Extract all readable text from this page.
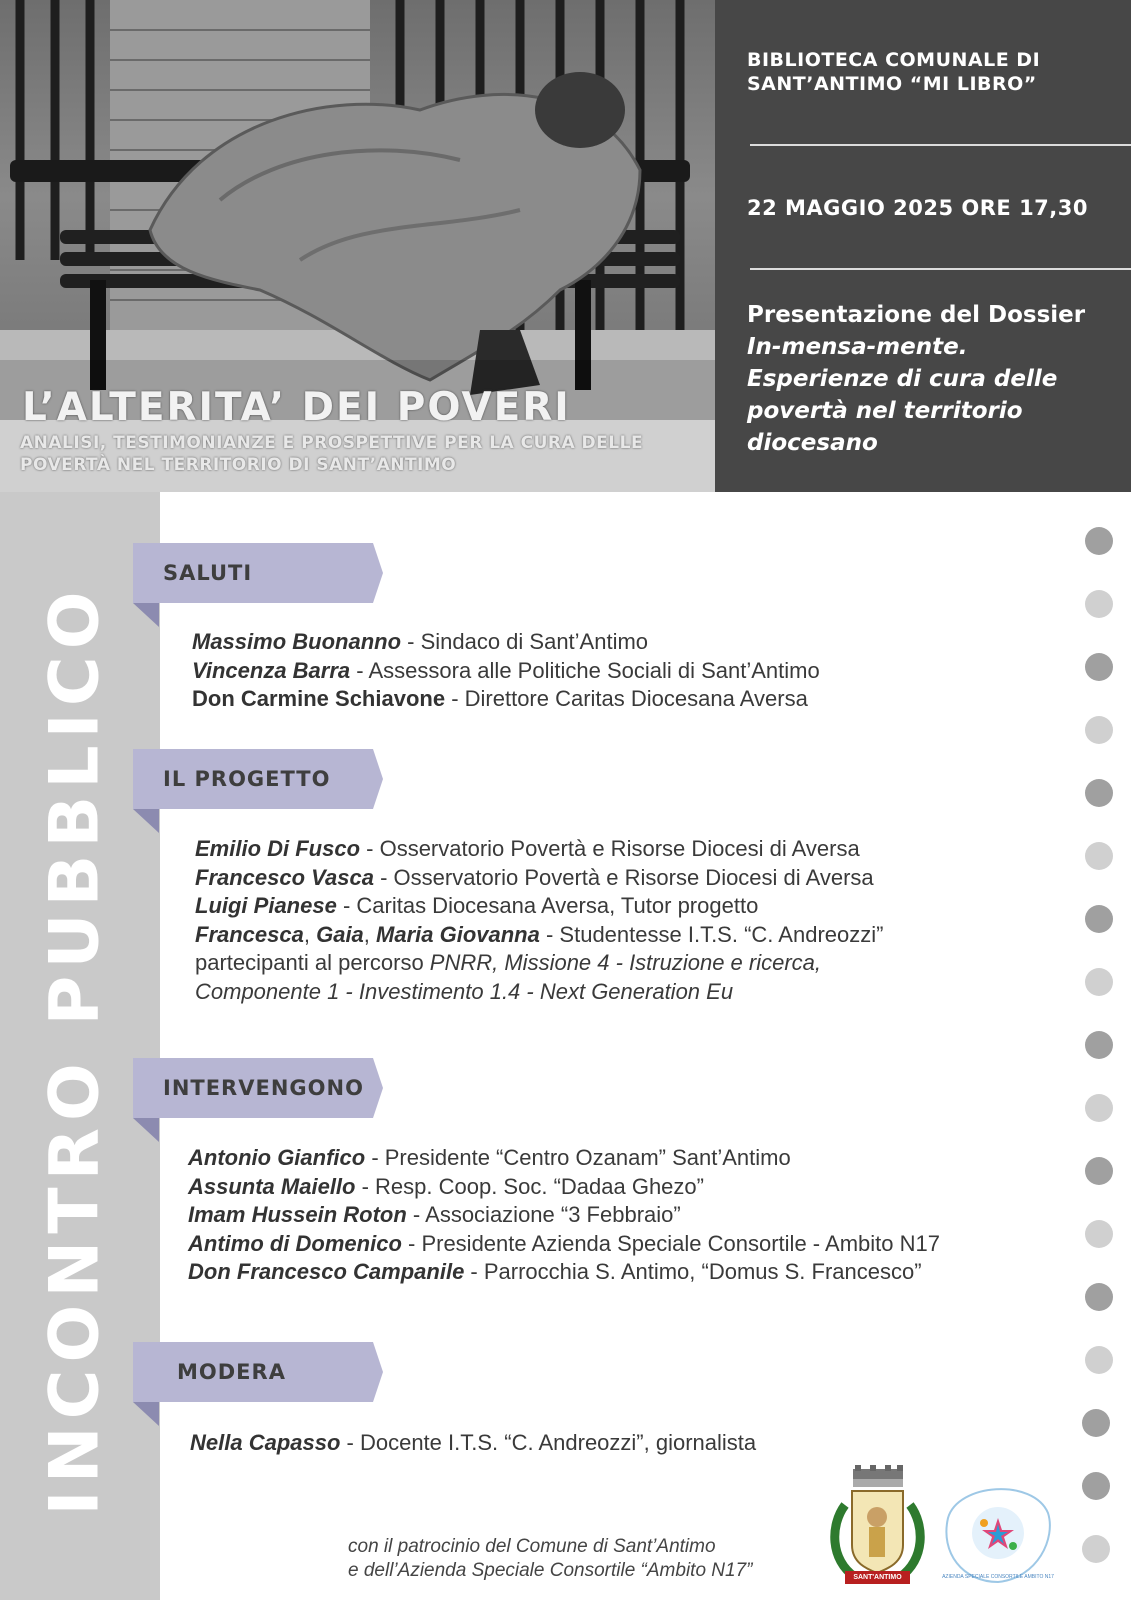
L’ALTERITA’ DEI POVERI
ANALISI, TESTIMONIANZE E PROSPETTIVE PER LA CURA DELLE POVERTÀ NEL TERRITORIO DI SANT’ANTIMO
BIBLIOTECA COMUNALE DI
SANT’ANTIMO “MI LIBRO”
22 MAGGIO 2025 ORE 17,30
Presentazione del Dossier
In-mensa-mente.
Esperienze di cura delle
povertà nel territorio
diocesano
INCONTRO PUBBLICO
SALUTI
Massimo Buonanno - Sindaco di Sant’Antimo
Vincenza Barra - Assessora alle Politiche Sociali di Sant’Antimo
Don Carmine Schiavone - Direttore Caritas Diocesana Aversa
IL PROGETTO
Emilio Di Fusco - Osservatorio Povertà e Risorse Diocesi di Aversa
Francesco Vasca - Osservatorio Povertà e Risorse Diocesi di Aversa
Luigi Pianese - Caritas Diocesana Aversa, Tutor progetto
Francesca, Gaia, Maria Giovanna - Studentesse I.T.S. “C. Andreozzi”
partecipanti al percorso PNRR, Missione 4 - Istruzione e ricerca,
Componente 1 - Investimento 1.4 - Next Generation Eu
INTERVENGONO
Antonio Gianfico - Presidente “Centro Ozanam” Sant’Antimo
Assunta Maiello - Resp. Coop. Soc. “Dadaa Ghezo”
Imam Hussein Roton - Associazione “3 Febbraio”
Antimo di Domenico - Presidente Azienda Speciale Consortile - Ambito N17
Don Francesco Campanile - Parrocchia S. Antimo, “Domus S. Francesco”
MODERA
Nella Capasso - Docente I.T.S. “C. Andreozzi”, giornalista
con il patrocinio del Comune di Sant’Antimo
e dell’Azienda Speciale Consortile “Ambito N17”	SANT'ANTIMO	AZIENDA SPECIALE CONSORTILE AMBITO N17
